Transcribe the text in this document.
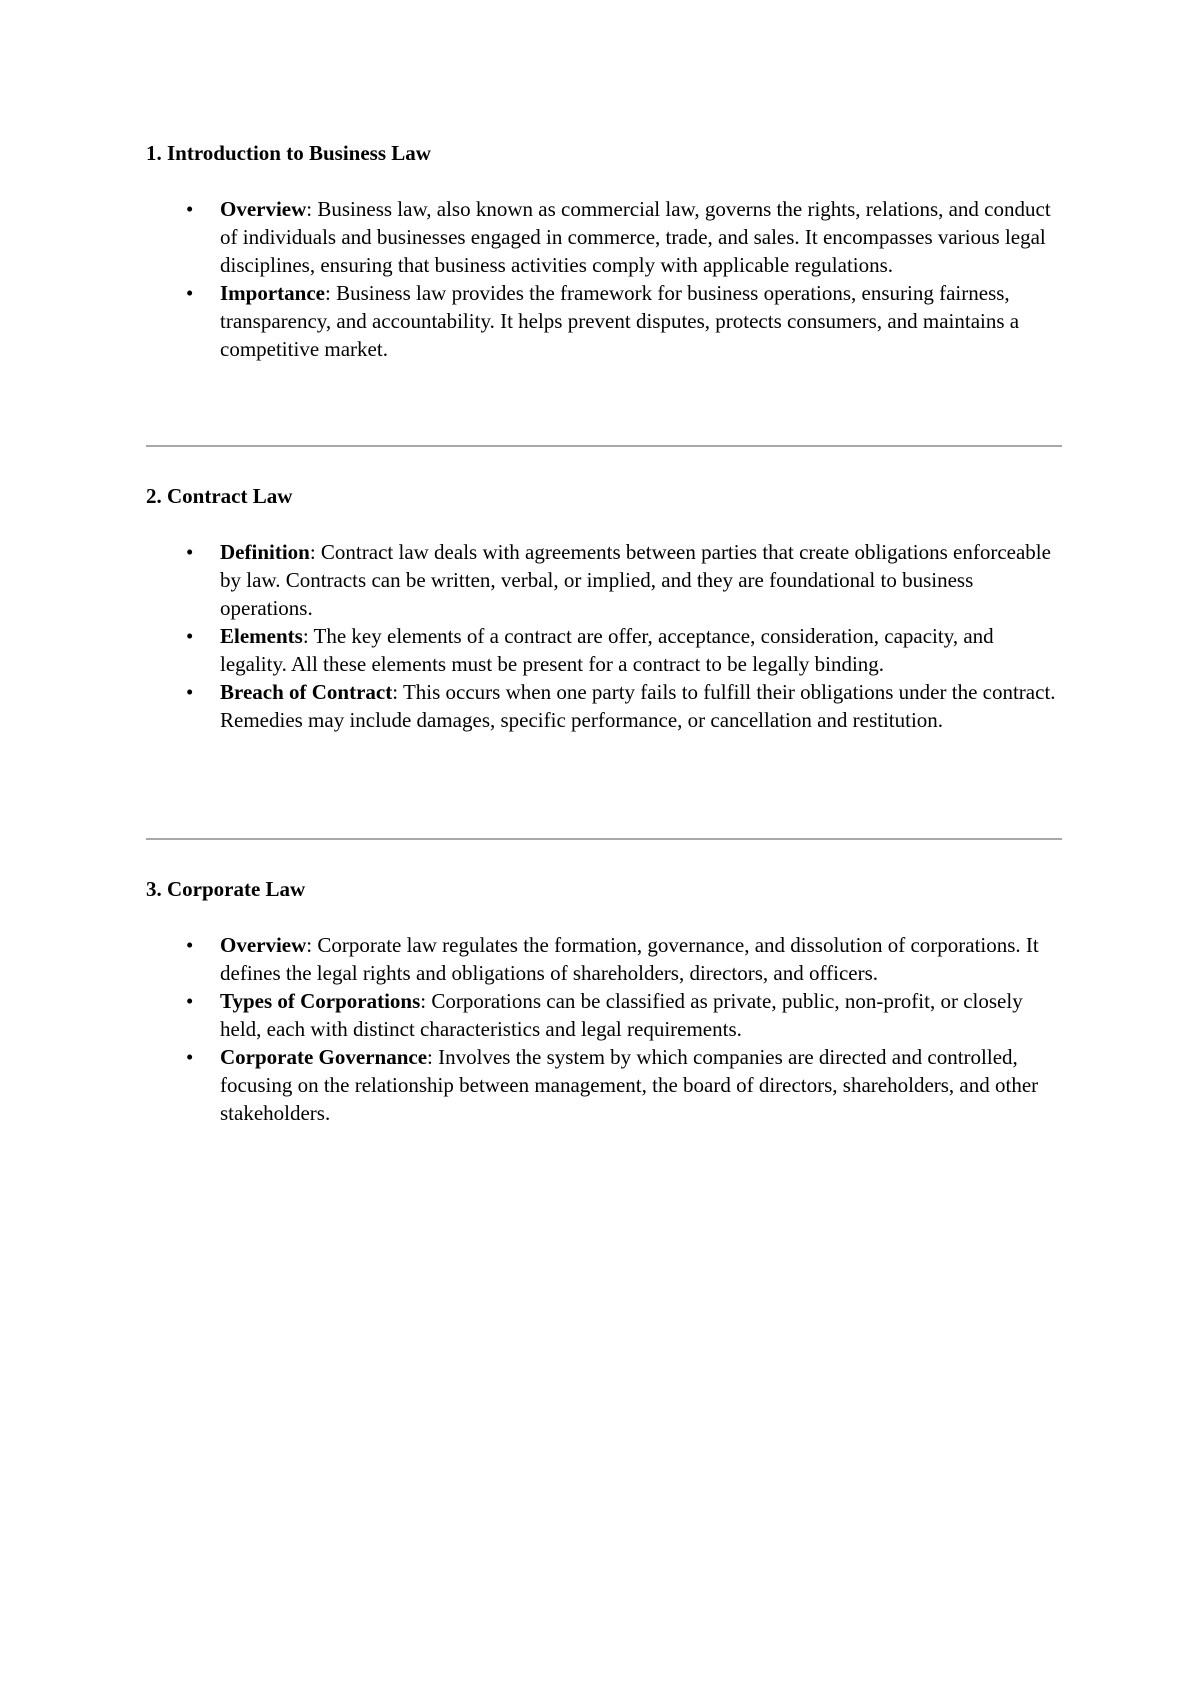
1. Introduction to Business Law
• Overview: Business law, also known as commercial law, governs the rights, relations, and conduct of individuals and businesses engaged in commerce, trade, and sales. It encompasses various legal disciplines, ensuring that business activities comply with applicable regulations.
• Importance: Business law provides the framework for business operations, ensuring fairness, transparency, and accountability. It helps prevent disputes, protects consumers, and maintains a competitive market.
2. Contract Law
• Definition: Contract law deals with agreements between parties that create obligations enforceable by law. Contracts can be written, verbal, or implied, and they are foundational to business operations.
• Elements: The key elements of a contract are offer, acceptance, consideration, capacity, and legality. All these elements must be present for a contract to be legally binding.
• Breach of Contract: This occurs when one party fails to fulfill their obligations under the contract. Remedies may include damages, specific performance, or cancellation and restitution.
3. Corporate Law
• Overview: Corporate law regulates the formation, governance, and dissolution of corporations. It defines the legal rights and obligations of shareholders, directors, and officers.
• Types of Corporations: Corporations can be classified as private, public, non-profit, or closely held, each with distinct characteristics and legal requirements.
• Corporate Governance: Involves the system by which companies are directed and controlled, focusing on the relationship between management, the board of directors, shareholders, and other stakeholders.
